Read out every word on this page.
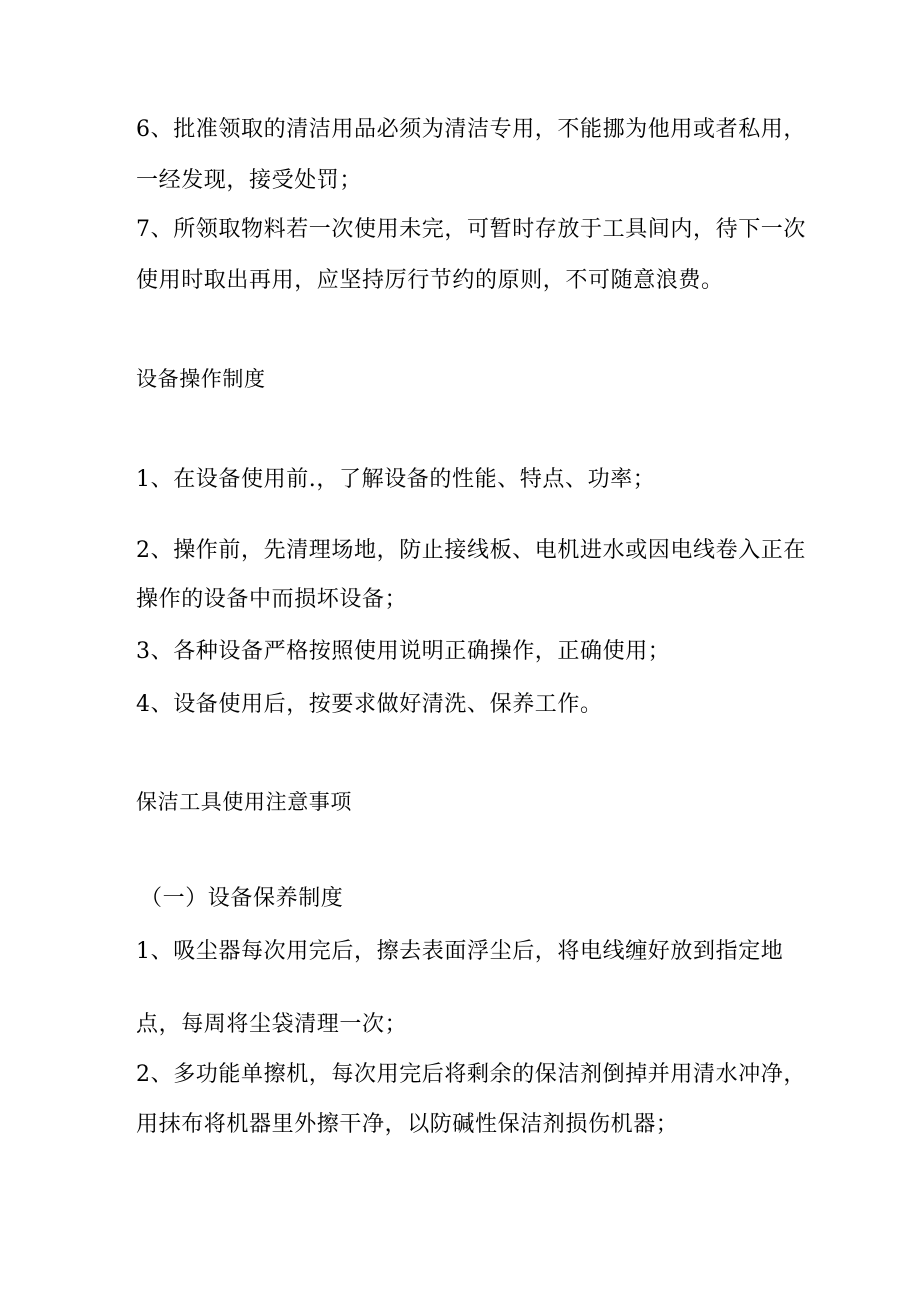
6、批准领取的清洁用品必须为清洁专用，不能挪为他用或者私用，
一经发现，接受处罚；
7、所领取物料若一次使用未完，可暂时存放于工具间内，待下一次
使用时取出再用，应坚持厉行节约的原则，不可随意浪费。
设备操作制度
1、在设备使用前.，了解设备的性能、特点、功率；
2、操作前，先清理场地，防止接线板、电机进水或因电线卷入正在
操作的设备中而损坏设备；
3、各种设备严格按照使用说明正确操作，正确使用；
4、设备使用后，按要求做好清洗、保养工作。
保洁工具使用注意事项
（一）设备保养制度
1、吸尘器每次用完后，擦去表面浮尘后，将电线缠好放到指定地
点，每周将尘袋清理一次；
2、多功能单擦机，每次用完后将剩余的保洁剂倒掉并用清水冲净，
用抹布将机器里外擦干净，以防碱性保洁剂损伤机器；
